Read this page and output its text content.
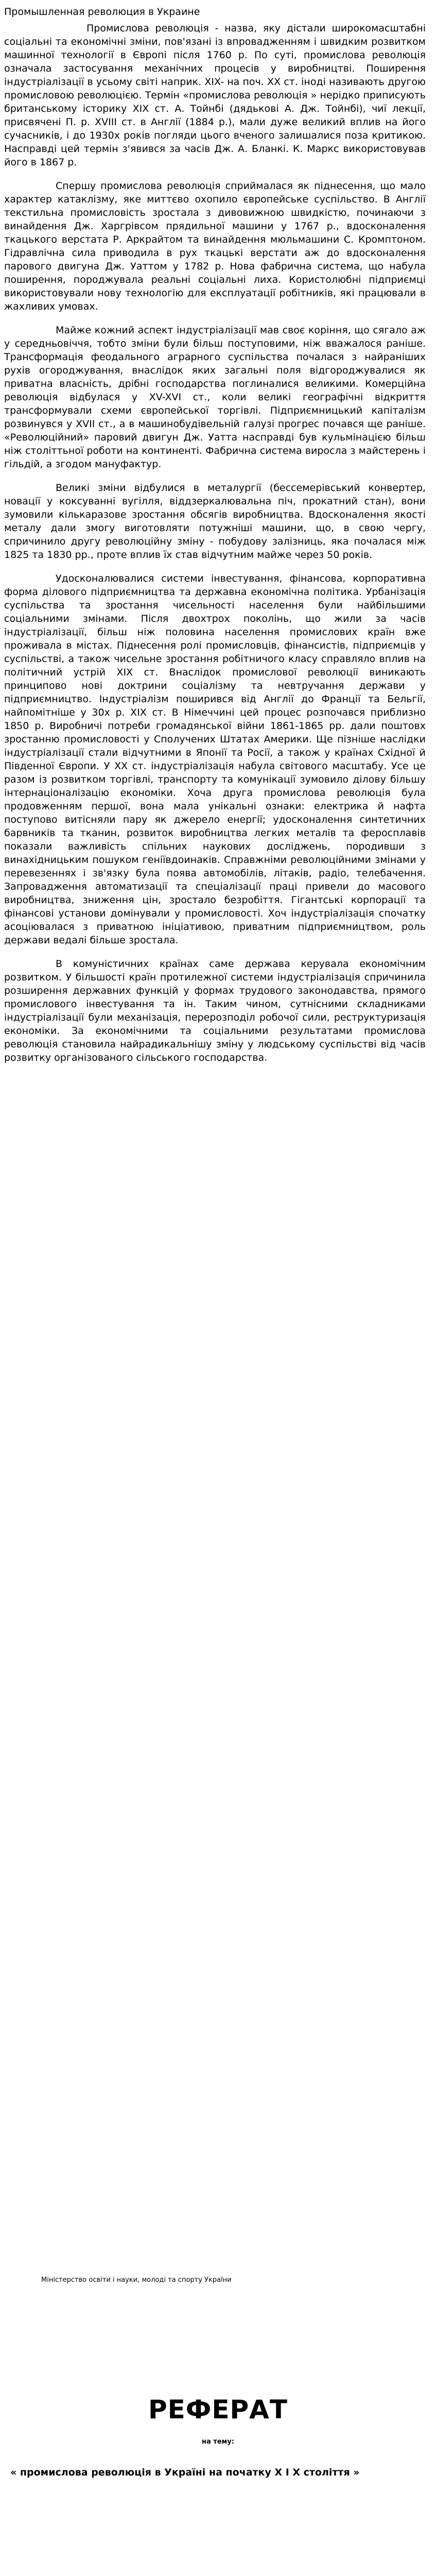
Промышленная революция в Украине

Промислова революція - назва, яку дістали широкомасштабні соціальні та економічні зміни, пов'язані із впровадженням і швидким розвитком машинної технології в Європі після 1760 р. По суті, промислова революція означала застосування механічних процесів у виробництві. Поширення індустріалізації в усьому світі наприк. XIX- на поч. XX ст. іноді називають другою промисловою революцією. Термін «промислова революція » нерідко приписують британському історику XIX ст. А. Тойнбі (дядькові А. Дж. Тойнбі), чиї лекції, присвячені П. р. XVIII ст. в Англії (1884 р.), мали дуже великий вплив на його сучасників, і до 1930х років погляди цього вченого залишалися поза критикою. Насправді цей термін з'явився за часів Дж. А. Бланкі. К. Маркс використовував його в 1867 р.

Спершу промислова революція сприймалася як піднесення, що мало характер катаклізму, яке миттєво охопило європейське суспільство. В Англії текстильна промисловість зростала з дивовижною швидкістю, починаючи з винайдення Дж. Харгрівсом прядильної машини у 1767 р., вдосконалення ткацького верстата Р. Аркрайтом та винайдення мюльмашини С. Кромптоном. Гідравлічна сила приводила в рух ткацькі верстати аж до вдосконалення парового двигуна Дж. Уаттом у 1782 р. Нова фабрична система, що набула поширення, породжувала реальні соціальні лиха. Користолюбні підприємці використовували нову технологію для експлуатації робітників, які працювали в жахливих умовах.

Майже кожний аспект індустріалізації мав своє коріння, що сягало аж у середньовіччя, тобто зміни були більш поступовими, ніж вважалося раніше. Трансформація феодального аграрного суспільства почалася з найраніших рухів огороджування, внаслідок яких загальні поля відгороджувалися як приватна власність, дрібні господарства поглиналися великими. Комерційна революція відбулася у XV-XVI ст., коли великі географічні відкриття трансформували схеми європейської торгівлі. Підприємницький капіталізм розвинувся у XVII ст., а в машинобудівельній галузі прогрес почався ще раніше. «Революційний» паровий двигун Дж. Уатта насправді був кульмінацією більш ніж століттьної роботи на континенті. Фабрична система виросла з майстерень і гільдій, а згодом мануфактур.

Великі зміни відбулися в металургії (бессемерівський конвертер, новації у коксуванні вугілля, віддзеркалювальна піч, прокатний стан), вони зумовили кількаразове зростання обсягів виробництва. Вдосконалення якості металу дали змогу виготовляти потужніші машини, що, в свою чергу, спричинило другу революційну зміну - побудову залізниць, яка почалася між 1825 та 1830 рр., проте вплив їх став відчутним майже через 50 років.

Удосконалювалися системи інвестування, фінансова, корпоративна форма ділового підприємництва та державна економічна політика. Урбанізація суспільства та зростання чисельності населення були найбільшими соціальними змінами. Після двохтрох поколінь, що жили за часів індустріалізації, більш ніж половина населення промислових країн вже проживала в містах. Піднесення ролі промисловців, фінансистів, підприємців у суспільстві, а також чисельне зростання робітничого класу справляло вплив на політичний устрій XIX ст. Внаслідок промислової революції виникають принципово нові доктрини соціалізму та невтручання держави у підприємництво. Індустріалізм поширився від Англії до Франції та Бельгії, найпомітніше у 30х р. XIX ст. В Німеччині цей процес розпочався приблизно 1850 р. Виробничі потреби громадянської війни 1861-1865 рр. дали поштовх зростанню промисловості у Сполучених Штатах Америки. Ще пізніше наслідки індустріалізації стали відчутними в Японії та Росії, а також у країнах Східної й Південної Європи. У XX ст. індустріалізація набула світового масштабу. Усе це разом із розвитком торгівлі, транспорту та комунікації зумовило ділову більшу інтернаціоналізацію економіки. Хоча друга промислова революція була продовженням першої, вона мала унікальні ознаки: електрика й нафта поступово витісняли пару як джерело енергії; удосконалення синтетичних барвників та тканин, розвиток виробництва легких металів та феросплавів показали важливість спільних наукових досліджень, породивши з винахідницьким пошуком геніївдоинаків. Справжніми революційними змінами у перевезеннях і зв'язку була поява автомобілів, літаків, радіо, телебачення. Запровадження автоматизації та спеціалізації праці привели до масового виробництва, зниження цін, зростало безробіття. Гігантські корпорації та фінансові установи домінували у промисловості. Хоч індустріалізація спочатку асоціювалася з приватною ініціативою, приватним підприємництвом, роль держави ведалі більше зростала.

В комуністичних країнах саме держава керувала економічним розвитком. У більшості країн протилежної системи індустріалізація спричинила розширення державних функцій у формах трудового законодавства, прямого промислового інвестування та ін. Таким чином, сутнісними складниками індустріалізації були механізація, перерозподіл робочої сили, реструктуризація економіки. За економічними та соціальними результатами промислова революція становила найрадикальнішу зміну у людському суспільстві від часів розвитку організованого сільського господарства.

Міністерство освіти і науки, молоді та спорту України
РЕФЕРАТ
на тему:
« промислова революція в Україні на початку X I X століття »
